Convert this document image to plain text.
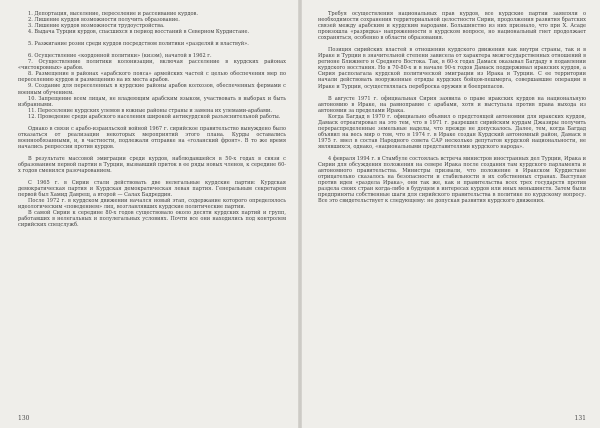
1. Депортация, выселение, переселение и рассеивание курдов.

2. Лишение курдов возможности получить образование.

3. Лишение курдов возможности трудоустройства.

4. Выдача Турции курдов, спасшихся в период восстаний в Северном Курдистане.

5. Разжигание розни среди курдов посредством политики «разделяй и властвуй».

6. Осуществление «кордонной политики» (кизэм), начатой в 1962 г.

7. Осуществление политики колонизации, включая расселение в курдских районах «чистокровных» арабов.

8. Размещение в районах «арабского пояса» армейских частей с целью обеспечения мер по переселению курдов и размещению на их места арабов.

9. Создание для переселенных в курдские районы арабов колхозов, обеспеченных фермами с военным обучением.

10. Запрещение всем лицам, не владеющим арабским языком, участвовать в выборах и быть избранными.

11. Переселение курдских улемов в южные районы страны и замена их улемами-арабами.

12. Проведение среди арабского населения широкой антикурдской разъяснительной работы.

Однако в связи с арабо-израильской войной 1967 г. сирийское правительство вынуждено было отказаться от реализации некоторых мероприятий этого плана. Курды оставались военнообязанными, и, в частности, подлежали отправке на «голанский фронт». В то же время начались репрессии против курдов.

В результате массовой эмиграции среди курдов, наблюдавшейся в 50-х годах в связи с образованием первой партии в Турции, вызвавший приток в ее ряды новых членов, к середине 60-х годов сменился разочарованием.

С 1965 г. в Сирии стали действовать две нелегальные курдские партии: Курдская демократическая партия и Курдская демократическая левая партия. Генеральным секретарем первой был Хамид Даврещ, а второй — Салах Бадреддин.

После 1972 г. в курдском движении начался новый этап, содержание которого определялось идеологическим «поведением» лиц, возглавлявших курдские политические партии.

В самой Сирии к середине 80-х годов существовало около десяти курдских партий и групп, работавших в нелегальных и полулегальных условиях. Почти все они находились под контролем сирийских спецслужб.

130

Требуя осуществления национальных прав курдов, все курдские партии заявляли о необходимости сохранения территориальной целостности Сирии, продолжения развития братских связей между арабским и курдским народами. Большинство из них признало, что при Х. Асаде произошла «разрядка» напряженности в курдском вопросе, но национальный гнет продолжает сохраняться, особенно в области образования.

Позиция сирийских властей в отношении курдского движения как внутри страны, так и в Ираке и Турции в значительной степени зависела от характера межгосударственных отношений в регионе Ближнего и Среднего Востока. Так, в 60-х годах Дамаск оказывал Багдаду в подавлении курдского восстания. Но в 70-80-х и в начале 90-х годов Дамаск поддерживал иракских курдов, а Сирия располагала курдской политической эмиграции из Ирака и Турции. С ее территории начали действовать вооруженные отряды курдских бойцов-пешмерга, совершавшие операции в Ираке и Турции, осуществлялась переброска оружия и боеприпасов.

В августе 1971 г. официальная Сирия заявила о праве иракских курдов на национальную автономию в Ираке, на равноправие с арабами, хотя и выступала против права выхода из автономии за пределами Ирака.

Когда Багдад в 1970 г. официально объявил о предстоящей автономии для иракских курдов, Дамаск отреагировал на это тем, что в 1971 г. разрешил сирийским курдам Джазиры получить перераспределенные земельные наделы, что прежде не допускалось. Далее, тем, когда Багдад объявил на весь мир о том, что в 1974 г. в Ираке создан Курдский автономный район, Дамаск в 1975 г. ввел в состав Народного совета САР несколько депутатов курдской национальности, не являвшихся, однако, «национальными представителями курдского народа».

4 февраля 1994 г. в Стамбуле состоялась встреча министров иностранных дел Турции, Ирака и Сирии для обсуждения положения на севере Ирака после создания там курдского парламента и автономного правительства. Министры призвали, что положение в Иракском Курдистане отрицательно сказалось на безопасности и стабильности в их собственных странах. Выступая против идеи «раздела Ирака», они так же, как и правительства всех трех государств против раздела своих стран когда-либо в будущем в интересах курдов или иных меньшинств. Затем были предприняты собственные шаги для сирийского правительства в политике по курдскому вопросу. Все это свидетельствует к следующему: не допуская развития курдского движения.

131
